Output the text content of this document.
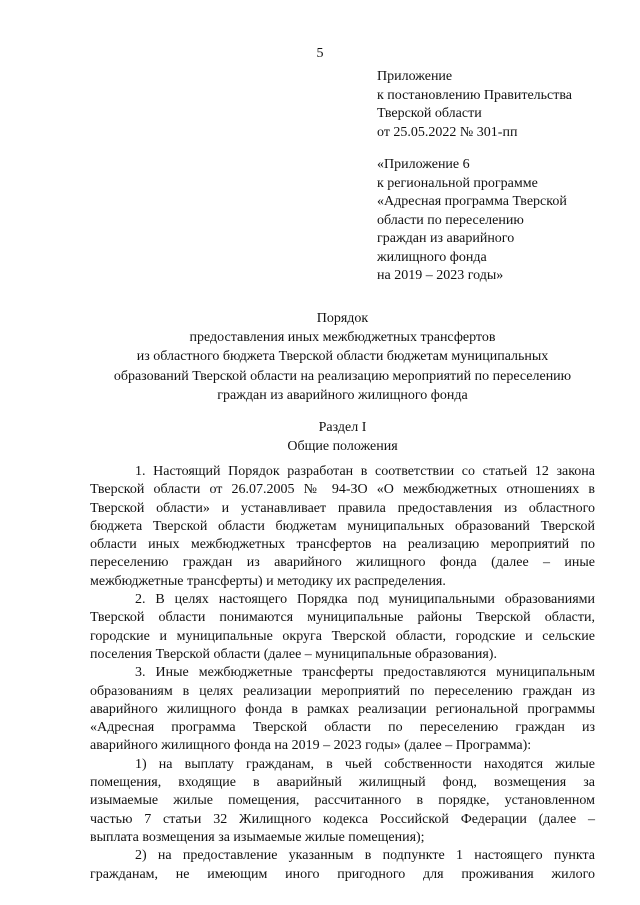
5
Приложение
к постановлению Правительства
Тверской области
от 25.05.2022 № 301-пп
«Приложение 6
к региональной программе
«Адресная программа Тверской
области по переселению
граждан из аварийного
жилищного фонда
на 2019 – 2023 годы»
Порядок
предоставления иных межбюджетных трансфертов
из областного бюджета Тверской области бюджетам муниципальных
образований Тверской области на реализацию мероприятий по переселению
граждан из аварийного жилищного фонда
Раздел I
Общие положения
1. Настоящий Порядок разработан в соответствии со статьей 12 закона
Тверской области от 26.07.2005 № 94-ЗО «О межбюджетных отношениях в
Тверской области» и устанавливает правила предоставления из областного
бюджета Тверской области бюджетам муниципальных образований Тверской
области иных межбюджетных трансфертов на реализацию мероприятий по
переселению граждан из аварийного жилищного фонда (далее – иные
межбюджетные трансферты) и методику их распределения.
2. В целях настоящего Порядка под муниципальными образованиями
Тверской области понимаются муниципальные районы Тверской области,
городские и муниципальные округа Тверской области, городские и сельские
поселения Тверской области (далее – муниципальные образования).
3. Иные межбюджетные трансферты предоставляются муниципальным
образованиям в целях реализации мероприятий по переселению граждан из
аварийного жилищного фонда в рамках реализации региональной программы
«Адресная программа Тверской области по переселению граждан из
аварийного жилищного фонда на 2019 – 2023 годы» (далее – Программа):
1) на выплату гражданам, в чьей собственности находятся жилые
помещения, входящие в аварийный жилищный фонд, возмещения за
изымаемые жилые помещения, рассчитанного в порядке, установленном
частью 7 статьи 32 Жилищного кодекса Российской Федерации (далее –
выплата возмещения за изымаемые жилые помещения);
2) на предоставление указанным в подпункте 1 настоящего пункта
гражданам, не имеющим иного пригодного для проживания жилого
